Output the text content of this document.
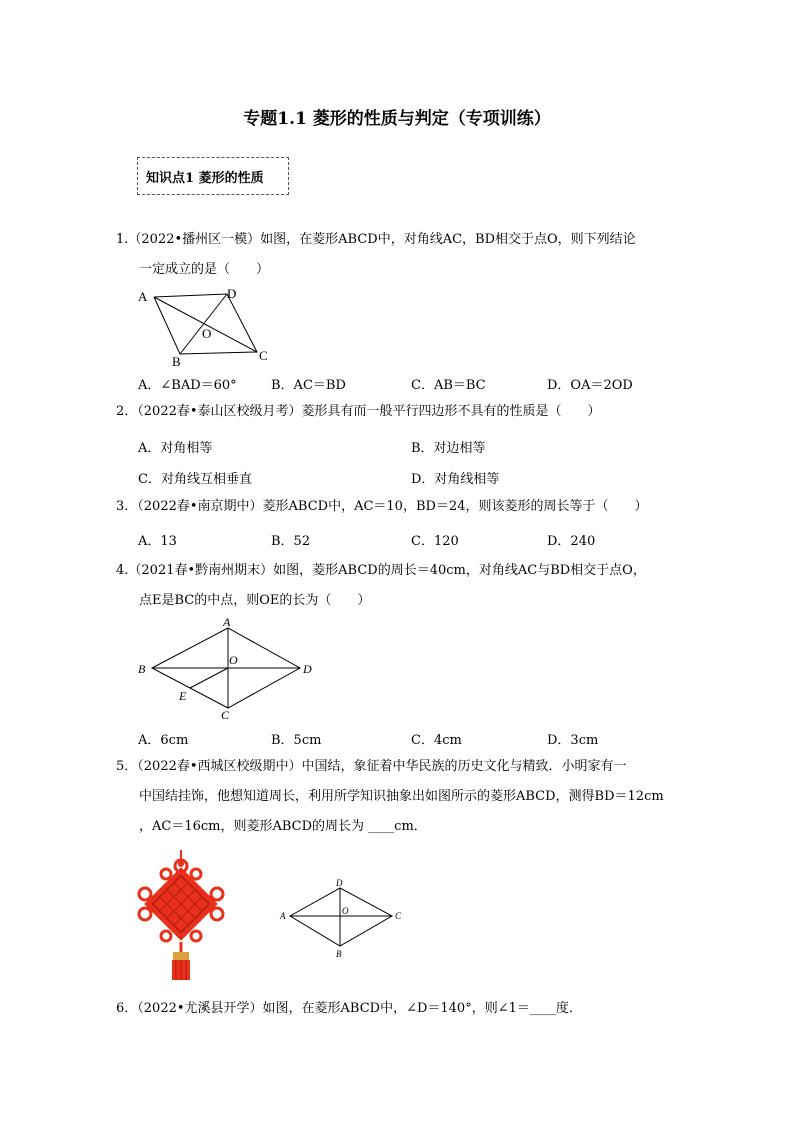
专题1.1 菱形的性质与判定（专项训练）
知识点1 菱形的性质
1.（2022•播州区一模）如图，在菱形ABCD中，对角线AC，BD相交于点O，则下列结论
一定成立的是（　　）
A	D
O
B	C
A．∠BAD＝60°	B．AC＝BD	C．AB＝BC	D．OA＝2OD
2．（2022春•泰山区校级月考）菱形具有而一般平行四边形不具有的性质是（　　）
A．对角相等	B．对边相等
C．对角线互相垂直	D．对角线相等
3．（2022春•南京期中）菱形ABCD中，AC＝10，BD＝24，则该菱形的周长等于（　　）
A．13	B．52	C．120	D．240
4.（2021春•黔南州期末）如图，菱形ABCD的周长＝40cm，对角线AC与BD相交于点O，
点E是BC的中点，则OE的长为（　　）
A
B
O
D
E
C
A．6cm	B．5cm	C．4cm	D．3cm
5．（2022春•西城区校级期中）中国结，象征着中华民族的历史文化与精致．小明家有一
中国结挂饰，他想知道周长，利用所学知识抽象出如图所示的菱形ABCD，测得BD＝12cm
，AC＝16cm，则菱形ABCD的周长为 ____cm．
D
A	O	C
B
6．（2022•尤溪县开学）如图，在菱形ABCD中，∠D＝140°，则∠1＝____度．
